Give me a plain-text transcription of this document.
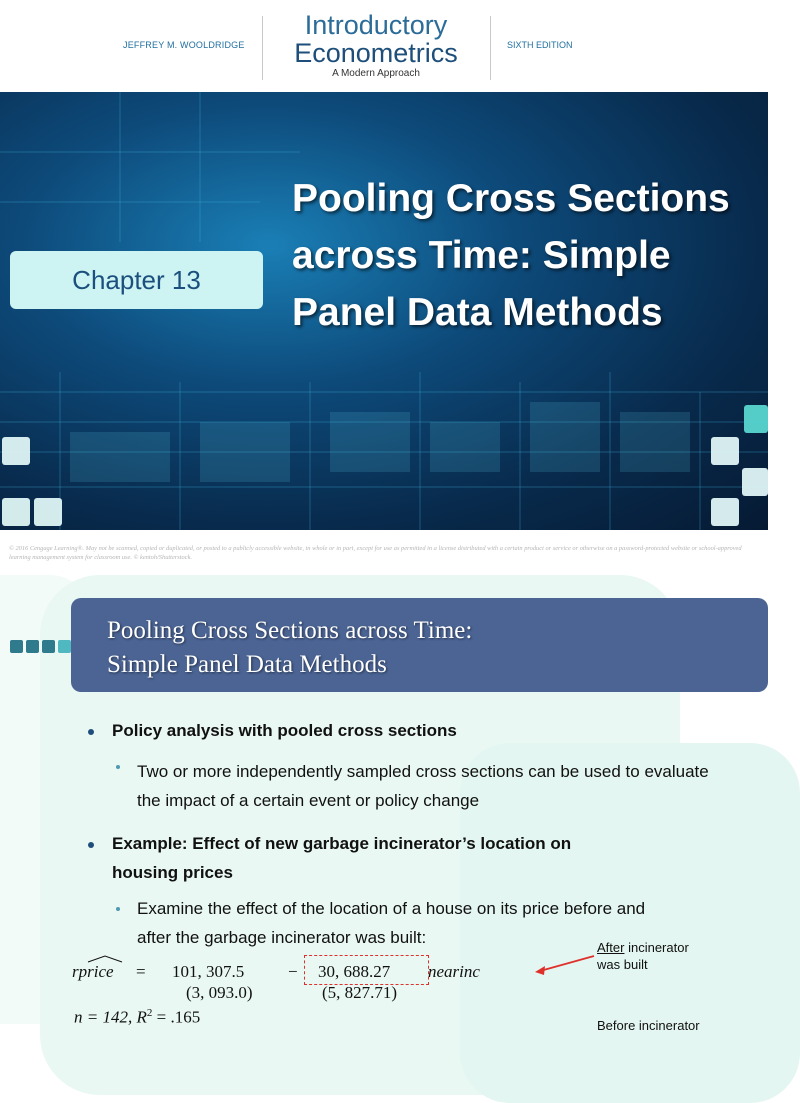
JEFFREY M. WOOLDRIDGE
Introductory
Econometrics
A Modern Approach
SIXTH EDITION
Chapter 13
Pooling Cross Sections across Time: Simple Panel Data Methods
© 2016 Cengage Learning®. May not be scanned, copied or duplicated, or posted to a publicly accessible website, in whole or in part, except for use as permitted in a license distributed with a certain product or service or otherwise on a password-protected website or school-approved learning management system for classroom use. © kentoh/Shutterstock.
Pooling Cross Sections across Time:
Simple Panel Data Methods
Policy analysis with pooled cross sections
Two or more independently sampled cross sections can be used to evaluate the impact of a certain event or policy change
Example: Effect of new garbage incinerator’s location on
housing prices
Examine the effect of the location of a house on its price before and
after the garbage incinerator was built:
rprice = 101, 307.5	− 30, 688.27 nearinc
(3, 093.0)	(5, 827.71)
n = 142, $R^2 = .165$
After incinerator
was built
Before incinerator
